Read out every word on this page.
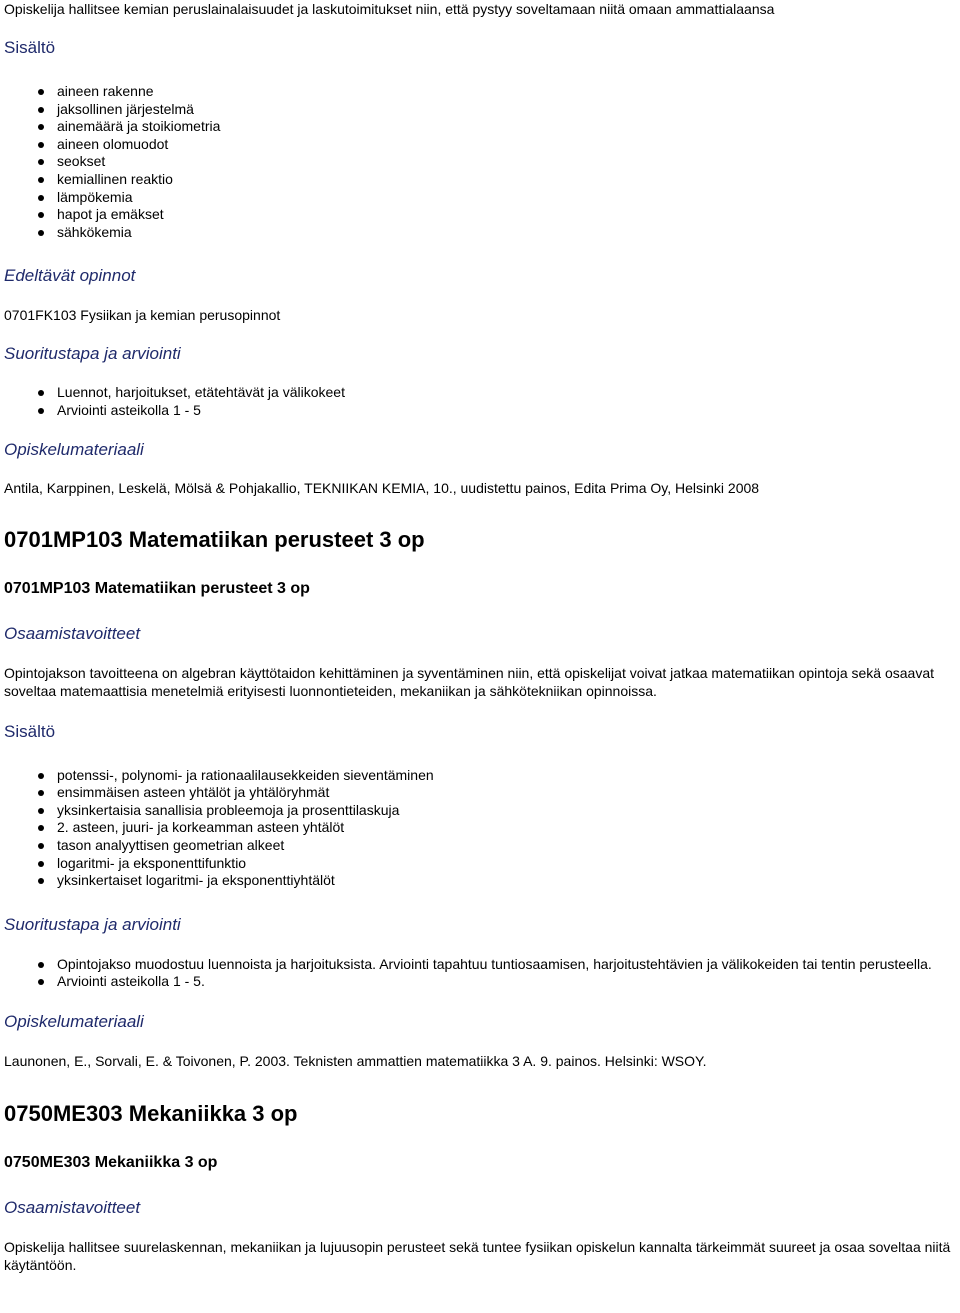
Opiskelija hallitsee kemian peruslainalaisuudet ja laskutoimitukset niin, että pystyy soveltamaan niitä omaan ammattialaansa

Sisältö
aineen rakenne
jaksollinen järjestelmä
ainemäärä ja stoikiometria
aineen olomuodot
seokset
kemiallinen reaktio
lämpökemia
hapot ja emäkset
sähkökemia
Edeltävät opinnot

0701FK103 Fysiikan ja kemian perusopinnot

Suoritustapa ja arviointi
Luennot, harjoitukset, etätehtävät ja välikokeet
Arviointi asteikolla 1 - 5
Opiskelumateriaali

Antila, Karppinen, Leskelä, Mölsä & Pohjakallio, TEKNIIKAN KEMIA, 10., uudistettu painos, Edita Prima Oy, Helsinki 2008

0701MP103 Matematiikan perusteet 3 op
0701MP103 Matematiikan perusteet 3 op
Osaamistavoitteet

Opintojakson tavoitteena on algebran käyttötaidon kehittäminen ja syventäminen niin, että opiskelijat voivat jatkaa matematiikan opintoja sekä osaavat soveltaa matemaattisia menetelmiä erityisesti luonnontieteiden, mekaniikan ja sähkötekniikan opinnoissa.

Sisältö
potenssi-, polynomi- ja rationaalilausekkeiden sieventäminen
ensimmäisen asteen yhtälöt ja yhtälöryhmät
yksinkertaisia sanallisia probleemoja ja prosenttilaskuja
2. asteen, juuri- ja korkeamman asteen yhtälöt
tason analyyttisen geometrian alkeet
logaritmi- ja eksponenttifunktio
yksinkertaiset logaritmi- ja eksponenttiyhtälöt
Suoritustapa ja arviointi
Opintojakso muodostuu luennoista ja harjoituksista. Arviointi tapahtuu tuntiosaamisen, harjoitustehtävien ja välikokeiden tai tentin perusteella.
Arviointi asteikolla 1 - 5.
Opiskelumateriaali

Launonen, E., Sorvali, E. & Toivonen, P. 2003. Teknisten ammattien matematiikka 3 A. 9. painos. Helsinki: WSOY.

0750ME303 Mekaniikka 3 op
0750ME303 Mekaniikka 3 op
Osaamistavoitteet

Opiskelija hallitsee suurelaskennan, mekaniikan ja lujuusopin perusteet sekä tuntee fysiikan opiskelun kannalta tärkeimmät suureet ja osaa soveltaa niitä käytäntöön.
